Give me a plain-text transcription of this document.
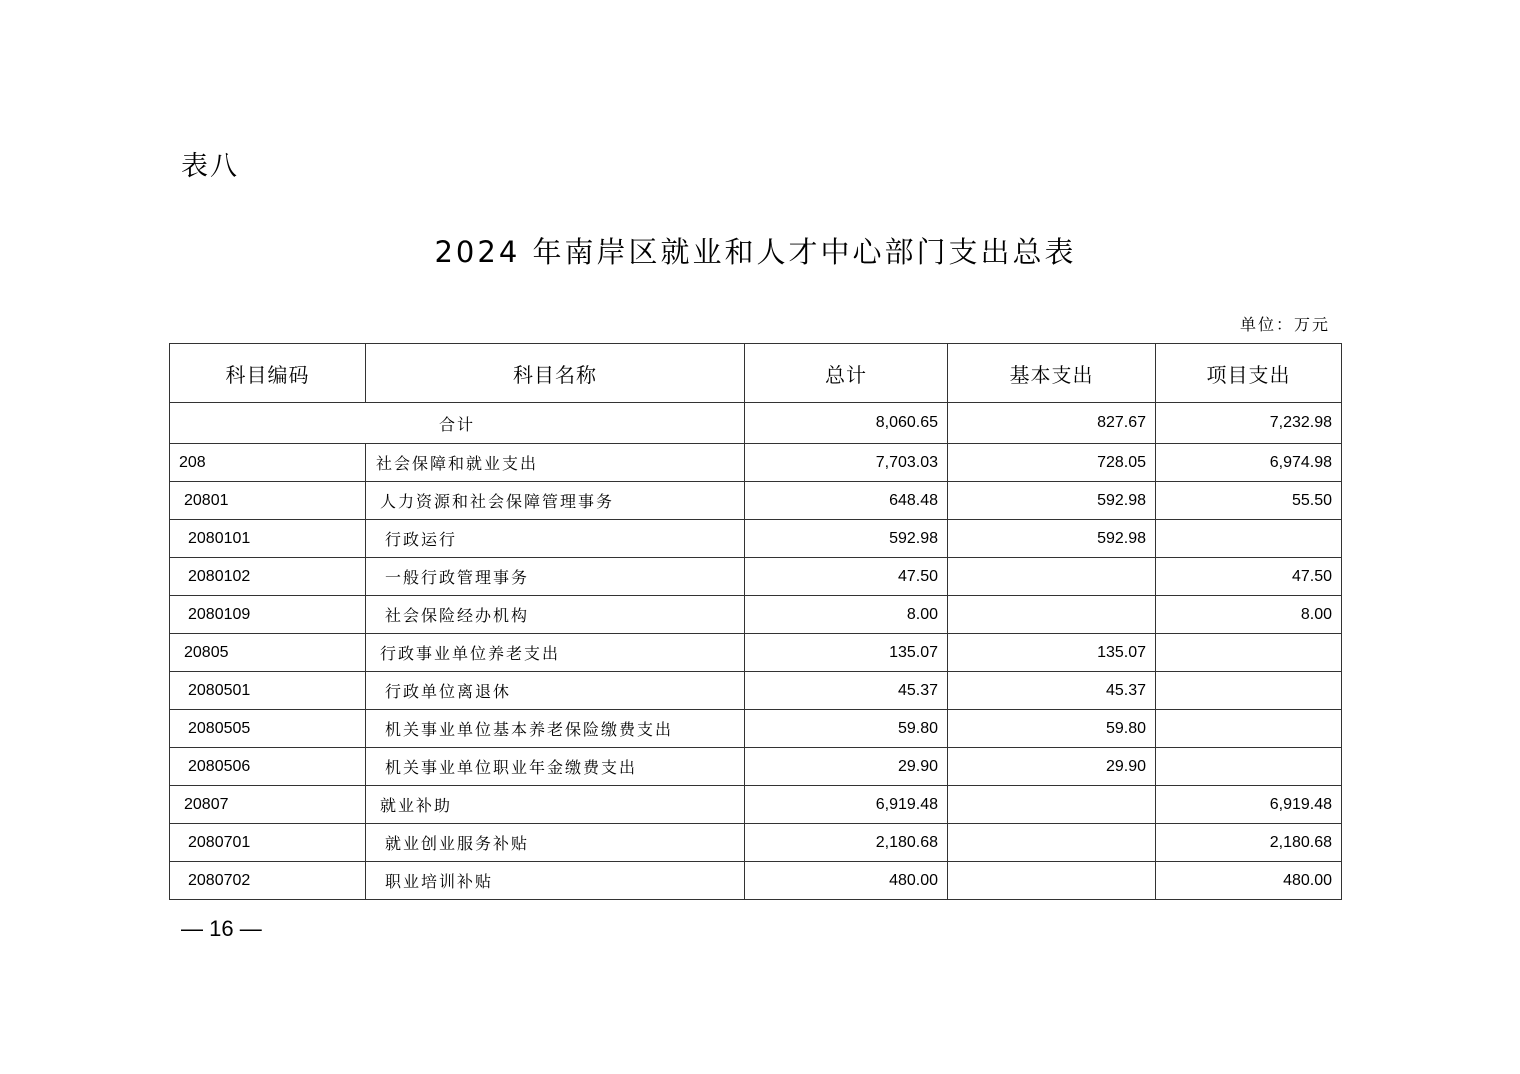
表八
2024 年南岸区就业和人才中心部门支出总表
单位：万元
科目编码	科目名称	总计	基本支出	项目支出
合计		8,060.65	827.67	7,232.98
208	社会保障和就业支出	7,703.03	728.05	6,974.98
20801	人力资源和社会保障管理事务	648.48	592.98	55.50
2080101	行政运行	592.98	592.98	
2080102	一般行政管理事务	47.50		47.50
2080109	社会保险经办机构	8.00		8.00
20805	行政事业单位养老支出	135.07	135.07	
2080501	行政单位离退休	45.37	45.37	
2080505	机关事业单位基本养老保险缴费支出	59.80	59.80	
2080506	机关事业单位职业年金缴费支出	29.90	29.90	
20807	就业补助	6,919.48		6,919.48
2080701	就业创业服务补贴	2,180.68		2,180.68
2080702	职业培训补贴	480.00		480.00
— 16 —
